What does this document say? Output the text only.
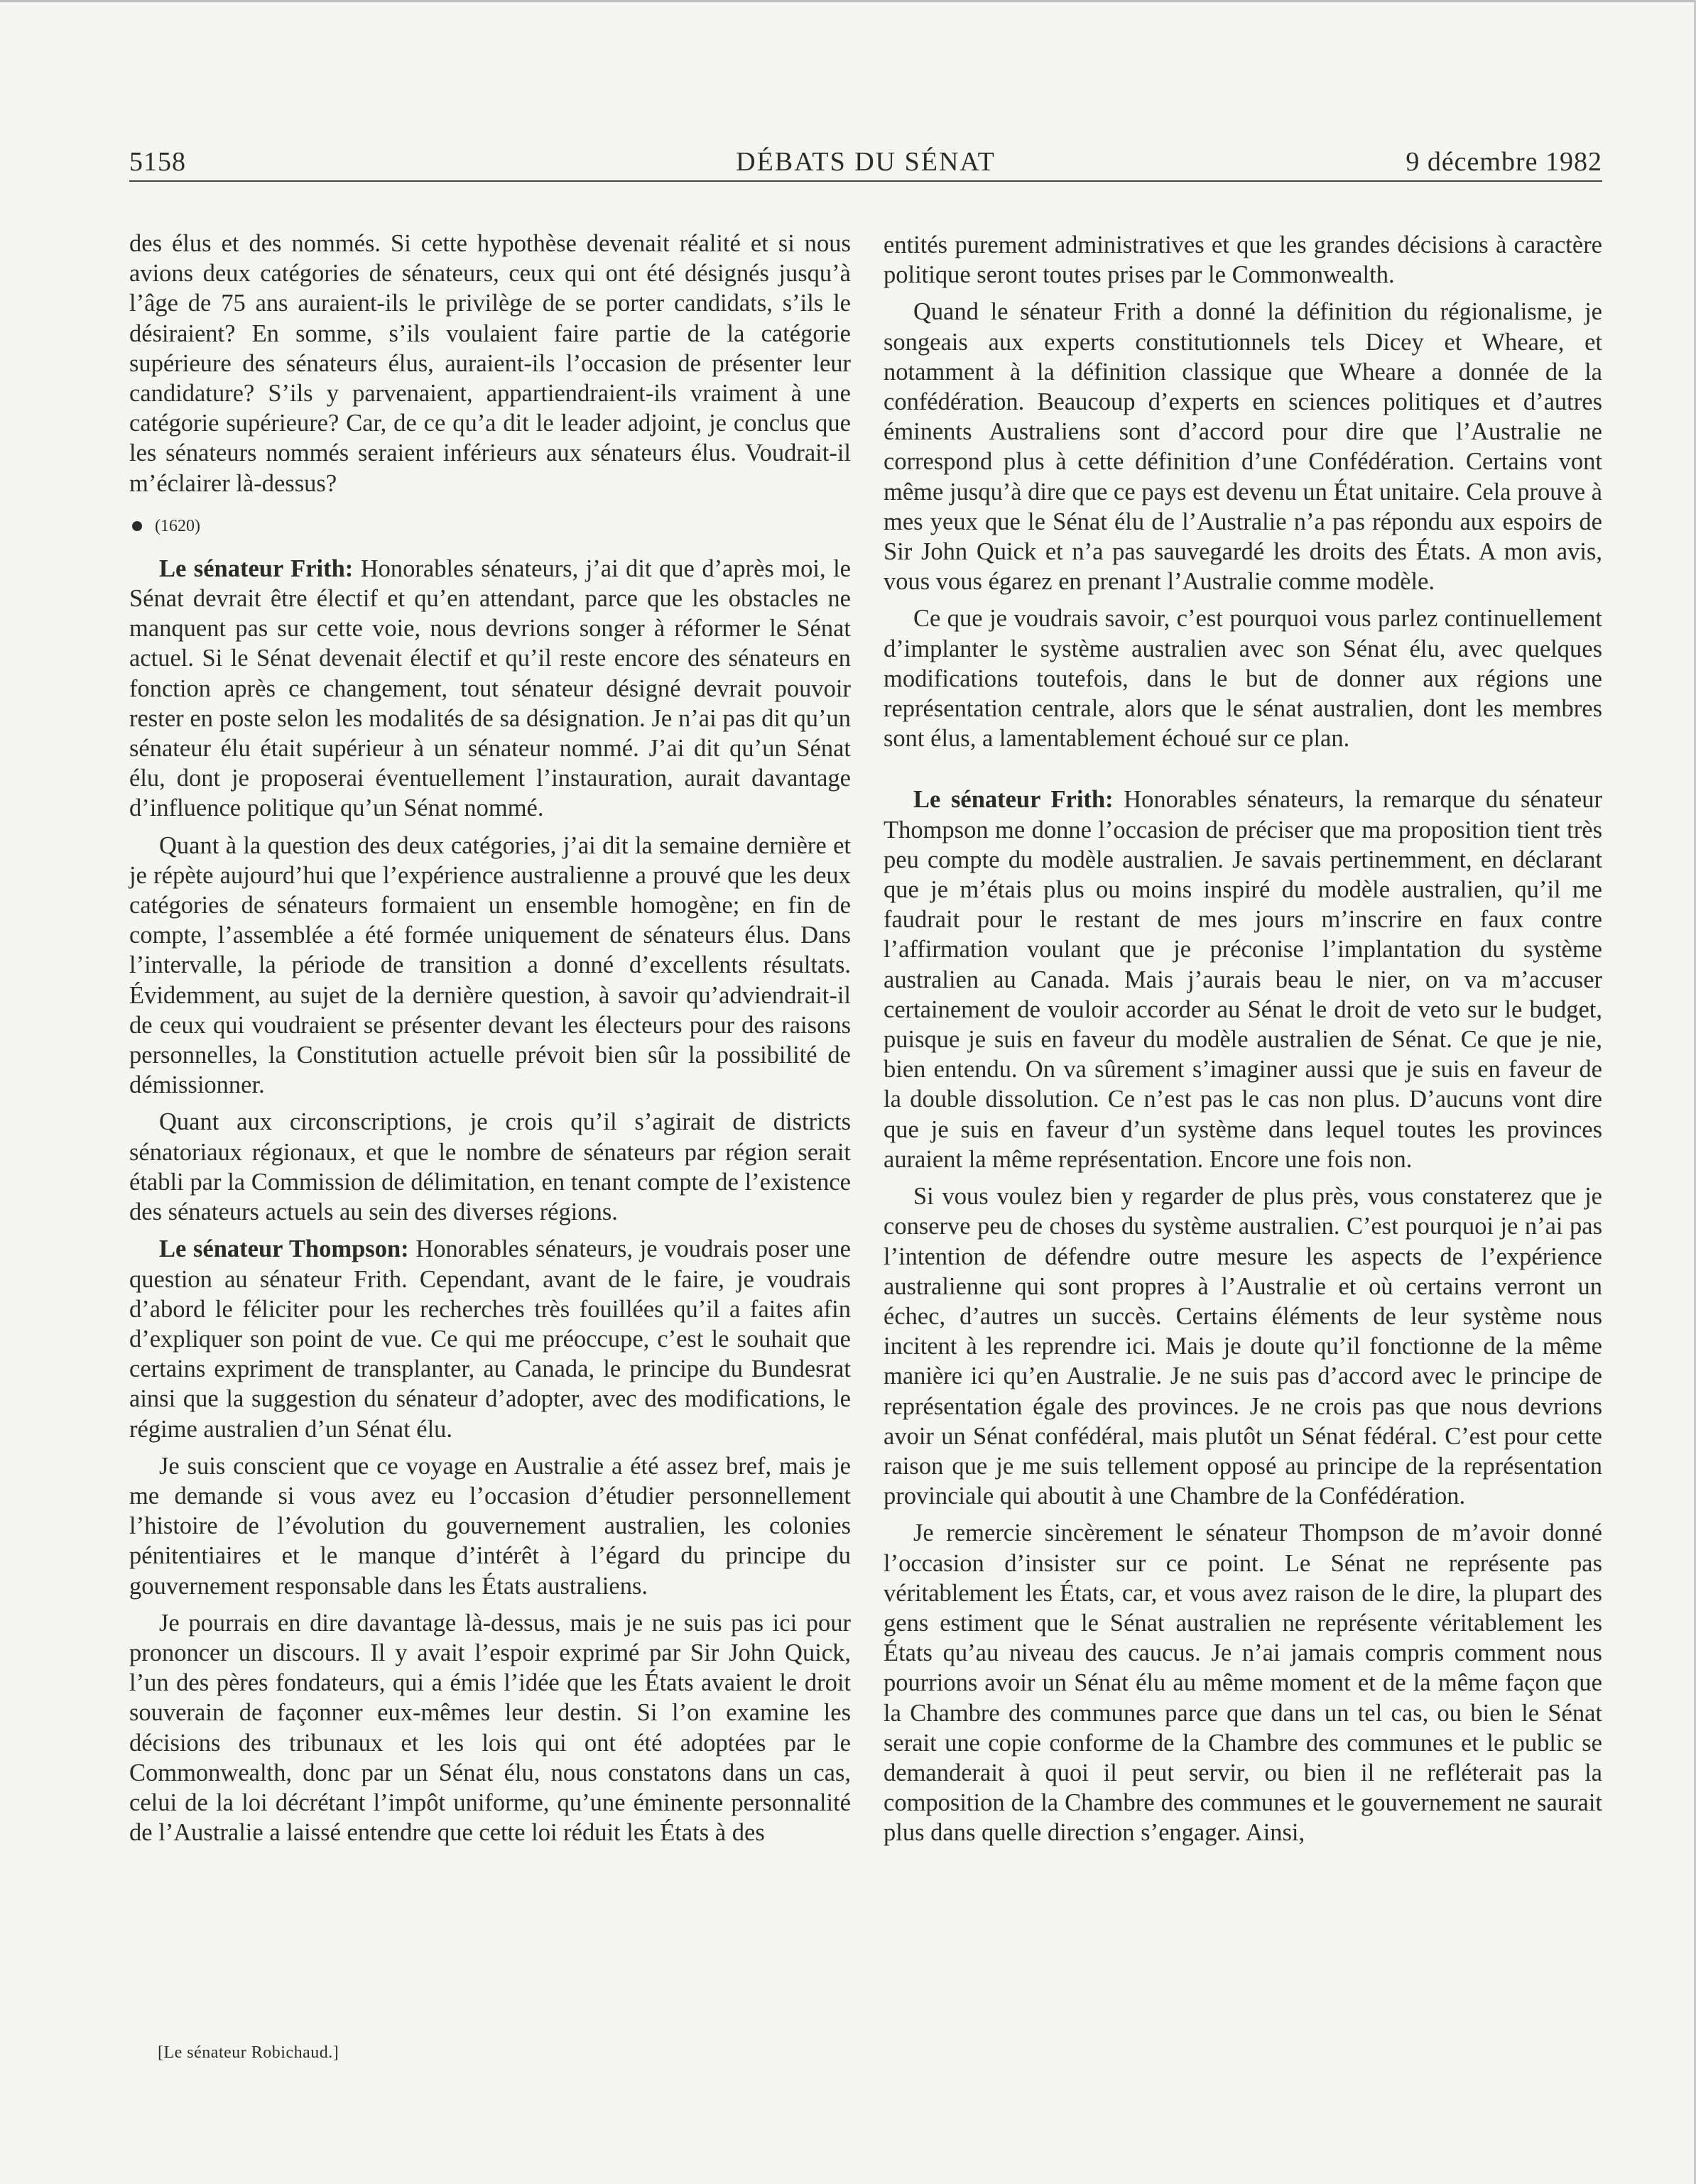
5158	DÉBATS DU SÉNAT	9 décembre 1982

des élus et des nommés. Si cette hypothèse devenait réalité et si nous avions deux catégories de sénateurs, ceux qui ont été désignés jusqu’à l’âge de 75 ans auraient-ils le privilège de se porter candidats, s’ils le désiraient? En somme, s’ils voulaient faire partie de la catégorie supérieure des sénateurs élus, auraient-ils l’occasion de présenter leur candidature? S’ils y parvenaient, appartiendraient-ils vraiment à une catégorie supérieure? Car, de ce qu’a dit le leader adjoint, je conclus que les sénateurs nommés seraient inférieurs aux sénateurs élus. Voudrait-il m’éclairer là-dessus?

(1620)

Le sénateur Frith: Honorables sénateurs, j’ai dit que d’après moi, le Sénat devrait être électif et qu’en attendant, parce que les obstacles ne manquent pas sur cette voie, nous devrions songer à réformer le Sénat actuel. Si le Sénat devenait électif et qu’il reste encore des sénateurs en fonction après ce changement, tout sénateur désigné devrait pouvoir rester en poste selon les modalités de sa désignation. Je n’ai pas dit qu’un sénateur élu était supérieur à un sénateur nommé. J’ai dit qu’un Sénat élu, dont je proposerai éventuellement l’instauration, aurait davantage d’influence politique qu’un Sénat nommé.

Quant à la question des deux catégories, j’ai dit la semaine dernière et je répète aujourd’hui que l’expérience australienne a prouvé que les deux catégories de sénateurs formaient un ensemble homogène; en fin de compte, l’assemblée a été formée uniquement de sénateurs élus. Dans l’intervalle, la période de transition a donné d’excellents résultats. Évidemment, au sujet de la dernière question, à savoir qu’adviendrait-il de ceux qui voudraient se présenter devant les électeurs pour des raisons personnelles, la Constitution actuelle prévoit bien sûr la possibilité de démissionner.

Quant aux circonscriptions, je crois qu’il s’agirait de districts sénatoriaux régionaux, et que le nombre de sénateurs par région serait établi par la Commission de délimitation, en tenant compte de l’existence des sénateurs actuels au sein des diverses régions.

Le sénateur Thompson: Honorables sénateurs, je voudrais poser une question au sénateur Frith. Cependant, avant de le faire, je voudrais d’abord le féliciter pour les recherches très fouillées qu’il a faites afin d’expliquer son point de vue. Ce qui me préoccupe, c’est le souhait que certains expriment de transplanter, au Canada, le principe du Bundesrat ainsi que la suggestion du sénateur d’adopter, avec des modifications, le régime australien d’un Sénat élu.

Je suis conscient que ce voyage en Australie a été assez bref, mais je me demande si vous avez eu l’occasion d’étudier personnellement l’histoire de l’évolution du gouvernement australien, les colonies pénitentiaires et le manque d’intérêt à l’égard du principe du gouvernement responsable dans les États australiens.

Je pourrais en dire davantage là-dessus, mais je ne suis pas ici pour prononcer un discours. Il y avait l’espoir exprimé par Sir John Quick, l’un des pères fondateurs, qui a émis l’idée que les États avaient le droit souverain de façonner eux-mêmes leur destin. Si l’on examine les décisions des tribunaux et les lois qui ont été adoptées par le Commonwealth, donc par un Sénat élu, nous constatons dans un cas, celui de la loi décrétant l’impôt uniforme, qu’une éminente personnalité de l’Australie a laissé entendre que cette loi réduit les États à des

entités purement administratives et que les grandes décisions à caractère politique seront toutes prises par le Commonwealth.

Quand le sénateur Frith a donné la définition du régionalisme, je songeais aux experts constitutionnels tels Dicey et Wheare, et notamment à la définition classique que Wheare a donnée de la confédération. Beaucoup d’experts en sciences politiques et d’autres éminents Australiens sont d’accord pour dire que l’Australie ne correspond plus à cette définition d’une Confédération. Certains vont même jusqu’à dire que ce pays est devenu un État unitaire. Cela prouve à mes yeux que le Sénat élu de l’Australie n’a pas répondu aux espoirs de Sir John Quick et n’a pas sauvegardé les droits des États. A mon avis, vous vous égarez en prenant l’Australie comme modèle.

Ce que je voudrais savoir, c’est pourquoi vous parlez continuellement d’implanter le système australien avec son Sénat élu, avec quelques modifications toutefois, dans le but de donner aux régions une représentation centrale, alors que le sénat australien, dont les membres sont élus, a lamentablement échoué sur ce plan.

Le sénateur Frith: Honorables sénateurs, la remarque du sénateur Thompson me donne l’occasion de préciser que ma proposition tient très peu compte du modèle australien. Je savais pertinemment, en déclarant que je m’étais plus ou moins inspiré du modèle australien, qu’il me faudrait pour le restant de mes jours m’inscrire en faux contre l’affirmation voulant que je préconise l’implantation du système australien au Canada. Mais j’aurais beau le nier, on va m’accuser certainement de vouloir accorder au Sénat le droit de veto sur le budget, puisque je suis en faveur du modèle australien de Sénat. Ce que je nie, bien entendu. On va sûrement s’imaginer aussi que je suis en faveur de la double dissolution. Ce n’est pas le cas non plus. D’aucuns vont dire que je suis en faveur d’un système dans lequel toutes les provinces auraient la même représentation. Encore une fois non.

Si vous voulez bien y regarder de plus près, vous constaterez que je conserve peu de choses du système australien. C’est pourquoi je n’ai pas l’intention de défendre outre mesure les aspects de l’expérience australienne qui sont propres à l’Australie et où certains verront un échec, d’autres un succès. Certains éléments de leur système nous incitent à les reprendre ici. Mais je doute qu’il fonctionne de la même manière ici qu’en Australie. Je ne suis pas d’accord avec le principe de représentation égale des provinces. Je ne crois pas que nous devrions avoir un Sénat confédéral, mais plutôt un Sénat fédéral. C’est pour cette raison que je me suis tellement opposé au principe de la représentation provinciale qui aboutit à une Chambre de la Confédération.

Je remercie sincèrement le sénateur Thompson de m’avoir donné l’occasion d’insister sur ce point. Le Sénat ne représente pas véritablement les États, car, et vous avez raison de le dire, la plupart des gens estiment que le Sénat australien ne représente véritablement les États qu’au niveau des caucus. Je n’ai jamais compris comment nous pourrions avoir un Sénat élu au même moment et de la même façon que la Chambre des communes parce que dans un tel cas, ou bien le Sénat serait une copie conforme de la Chambre des communes et le public se demanderait à quoi il peut servir, ou bien il ne refléterait pas la composition de la Chambre des communes et le gouvernement ne saurait plus dans quelle direction s’engager. Ainsi,

[Le sénateur Robichaud.]
